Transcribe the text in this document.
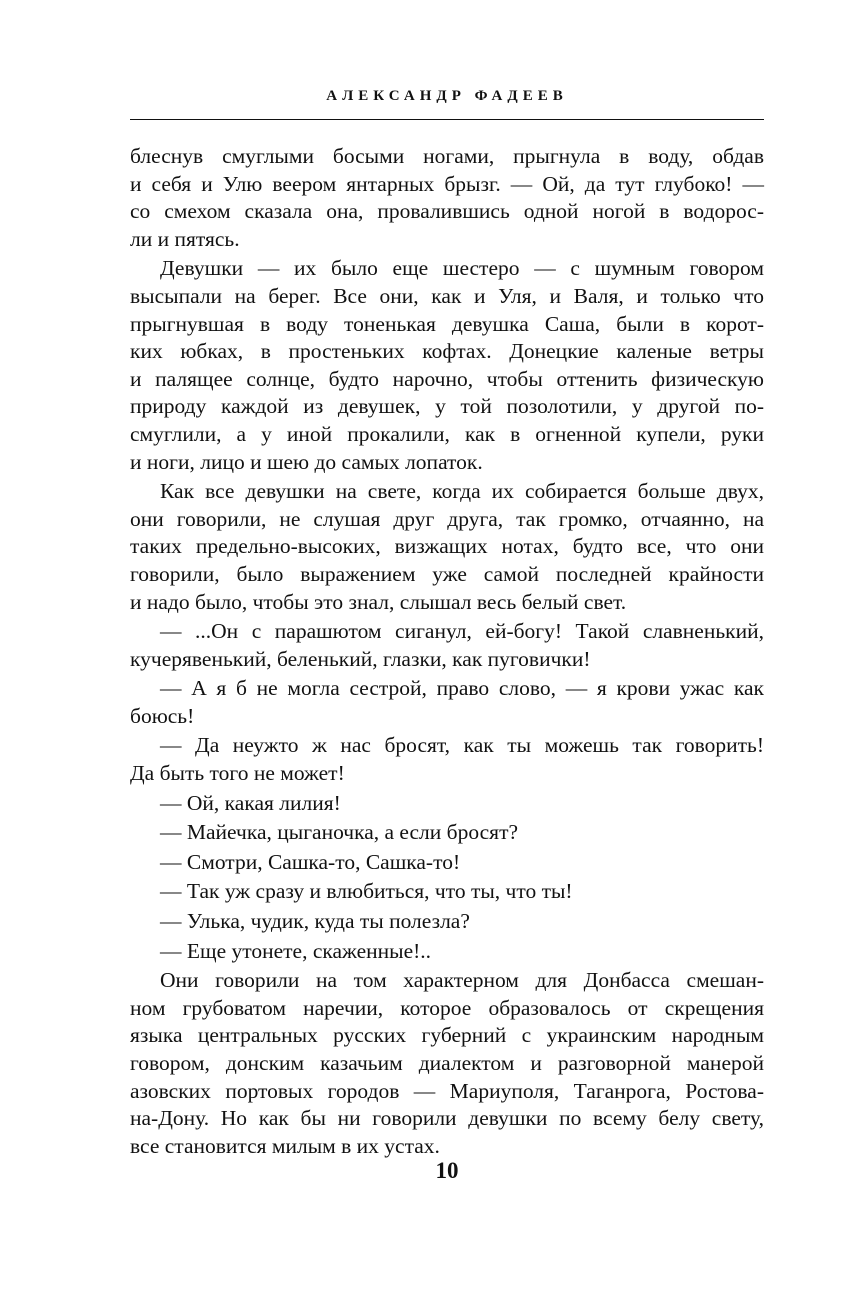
АЛЕКСАНДР ФАДЕЕВ
блеснув смуглыми босыми ногами, прыгнула в воду, обдав
и себя и Улю веером янтарных брызг. — Ой, да тут глубоко! —
со смехом сказала она, провалившись одной ногой в водорос-
ли и пятясь.
Девушки — их было еще шестеро — с шумным говором
высыпали на берег. Все они, как и Уля, и Валя, и только что
прыгнувшая в воду тоненькая девушка Саша, были в корот-
ких юбках, в простеньких кофтах. Донецкие каленые ветры
и палящее солнце, будто нарочно, чтобы оттенить физическую
природу каждой из девушек, у той позолотили, у другой по-
смуглили, а у иной прокалили, как в огненной купели, руки
и ноги, лицо и шею до самых лопаток.
Как все девушки на свете, когда их собирается больше двух,
они говорили, не слушая друг друга, так громко, отчаянно, на
таких предельно-высоких, визжащих нотах, будто все, что они
говорили, было выражением уже самой последней крайности
и надо было, чтобы это знал, слышал весь белый свет.
— ...Он с парашютом сиганул, ей-богу! Такой славненький,
кучерявенький, беленький, глазки, как пуговички!
— А я б не могла сестрой, право слово, — я крови ужас как
боюсь!
— Да неужто ж нас бросят, как ты можешь так говорить!
Да быть того не может!
— Ой, какая лилия!
— Майечка, цыганочка, а если бросят?
— Смотри, Сашка-то, Сашка-то!
— Так уж сразу и влюбиться, что ты, что ты!
— Улька, чудик, куда ты полезла?
— Еще утонете, скаженные!..
Они говорили на том характерном для Донбасса смешан-
ном грубоватом наречии, которое образовалось от скрещения
языка центральных русских губерний с украинским народным
говором, донским казачьим диалектом и разговорной манерой
азовских портовых городов — Мариуполя, Таганрога, Ростова-
на-Дону. Но как бы ни говорили девушки по всему белу свету,
все становится милым в их устах.
10
